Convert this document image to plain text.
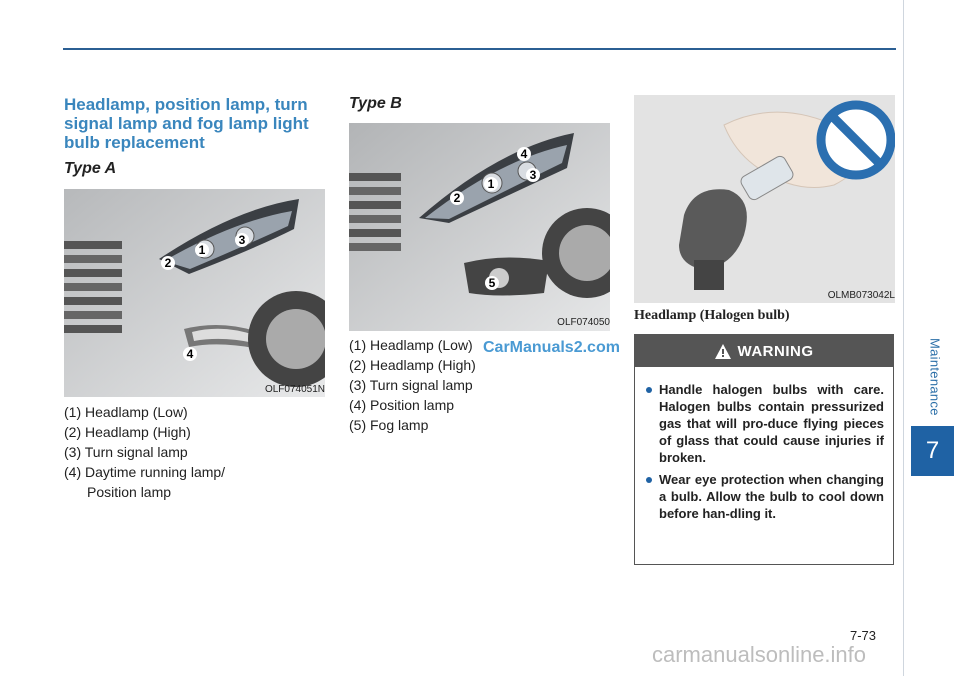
Maintenance
7
Headlamp, position lamp, turn signal lamp and fog lamp light bulb replacement
Type A
1
2
3
4
OLF074051N
(1) Headlamp (Low)
(2) Headlamp (High)
(3) Turn signal lamp
(4) Daytime running lamp/
Position lamp
Type B
1
2
3
4
5
OLF074050
(1) Headlamp (Low)
(2) Headlamp (High)
(3) Turn signal lamp
(4) Position lamp
(5) Fog lamp
CarManuals2.com
OLMB073042L
Headlamp (Halogen bulb)
WARNING
Handle halogen bulbs with care. Halogen bulbs contain pressurized gas that will pro-duce flying pieces of glass that could cause injuries if broken.
Wear eye protection when changing a bulb. Allow the bulb to cool down before han-dling it.
7-73
carmanualsonline.info
